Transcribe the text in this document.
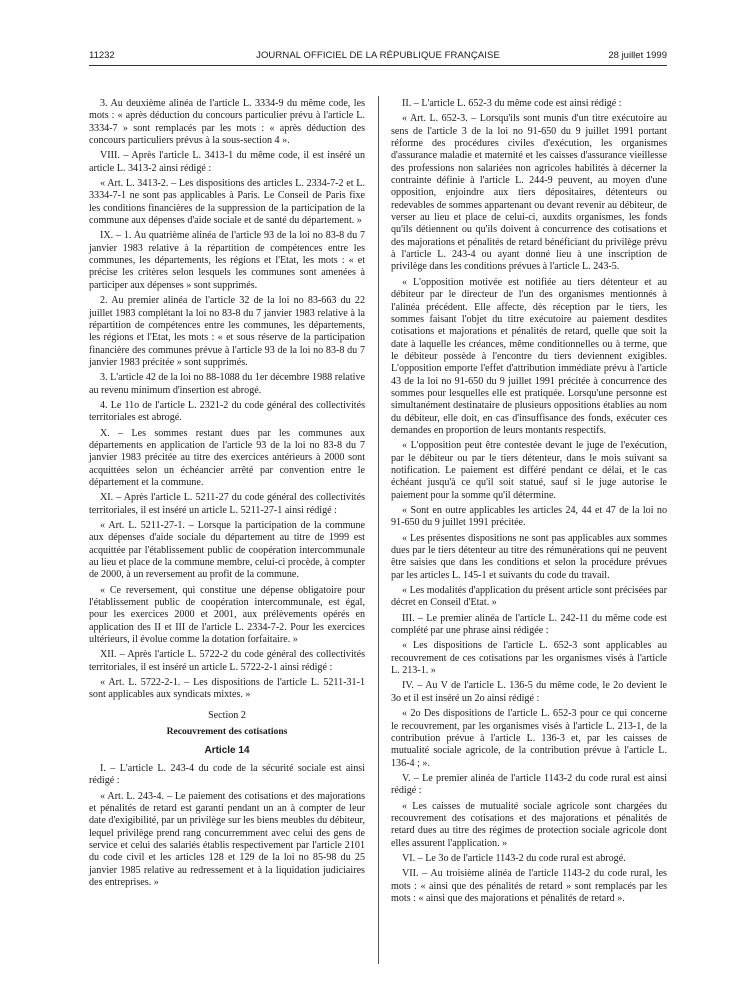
11232	JOURNAL OFFICIEL DE LA RÉPUBLIQUE FRANÇAISE	28 juillet 1999

3. Au deuxième alinéa de l'article L. 3334-9 du même code, les mots : « après déduction du concours particulier prévu à l'article L. 3334-7 » sont remplacés par les mots : « après déduction des concours particuliers prévus à la sous-section 4 ».

VIII. – Après l'article L. 3413-1 du même code, il est inséré un article L. 3413-2 ainsi rédigé :

« Art. L. 3413-2. – Les dispositions des articles L. 2334-7-2 et L. 3334-7-1 ne sont pas applicables à Paris. Le Conseil de Paris fixe les conditions financières de la suppression de la participation de la commune aux dépenses d'aide sociale et de santé du département. »

IX. – 1. Au quatrième alinéa de l'article 93 de la loi no 83-8 du 7 janvier 1983 relative à la répartition de compétences entre les communes, les départements, les régions et l'Etat, les mots : « et précise les critères selon lesquels les communes sont amenées à participer aux dépenses » sont supprimés.

2. Au premier alinéa de l'article 32 de la loi no 83-663 du 22 juillet 1983 complétant la loi no 83-8 du 7 janvier 1983 relative à la répartition de compétences entre les communes, les départements, les régions et l'Etat, les mots : « et sous réserve de la participation financière des communes prévue à l'article 93 de la loi no 83-8 du 7 janvier 1983 précitée » sont supprimés.

3. L'article 42 de la loi no 88-1088 du 1er décembre 1988 relative au revenu minimum d'insertion est abrogé.

4. Le 11o de l'article L. 2321-2 du code général des collectivités territoriales est abrogé.

X. – Les sommes restant dues par les communes aux départements en application de l'article 93 de la loi no 83-8 du 7 janvier 1983 précitée au titre des exercices antérieurs à 2000 sont acquittées selon un échéancier arrêté par convention entre le département et la commune.

XI. – Après l'article L. 5211-27 du code général des collectivités territoriales, il est inséré un article L. 5211-27-1 ainsi rédigé :

« Art. L. 5211-27-1. – Lorsque la participation de la commune aux dépenses d'aide sociale du département au titre de 1999 est acquittée par l'établissement public de coopération intercommunale au lieu et place de la commune membre, celui-ci procède, à compter de 2000, à un reversement au profit de la commune.

« Ce reversement, qui constitue une dépense obligatoire pour l'établissement public de coopération intercommunale, est égal, pour les exercices 2000 et 2001, aux prélèvements opérés en application des II et III de l'article L. 2334-7-2. Pour les exercices ultérieurs, il évolue comme la dotation forfaitaire. »

XII. – Après l'article L. 5722-2 du code général des collectivités territoriales, il est inséré un article L. 5722-2-1 ainsi rédigé :

« Art. L. 5722-2-1. – Les dispositions de l'article L. 5211-31-1 sont applicables aux syndicats mixtes. »

Section 2

Recouvrement des cotisations

Article 14

I. – L'article L. 243-4 du code de la sécurité sociale est ainsi rédigé :

« Art. L. 243-4. – Le paiement des cotisations et des majorations et pénalités de retard est garanti pendant un an à compter de leur date d'exigibilité, par un privilège sur les biens meubles du débiteur, lequel privilège prend rang concurremment avec celui des gens de service et celui des salariés établis respectivement par l'article 2101 du code civil et les articles 128 et 129 de la loi no 85-98 du 25 janvier 1985 relative au redressement et à la liquidation judiciaires des entreprises. »

II. – L'article L. 652-3 du même code est ainsi rédigé :

« Art. L. 652-3. – Lorsqu'ils sont munis d'un titre exécutoire au sens de l'article 3 de la loi no 91-650 du 9 juillet 1991 portant réforme des procédures civiles d'exécution, les organismes d'assurance maladie et maternité et les caisses d'assurance vieillesse des professions non salariées non agricoles habilités à décerner la contrainte définie à l'article L. 244-9 peuvent, au moyen d'une opposition, enjoindre aux tiers dépositaires, détenteurs ou redevables de sommes appartenant ou devant revenir au débiteur, de verser au lieu et place de celui-ci, auxdits organismes, les fonds qu'ils détiennent ou qu'ils doivent à concurrence des cotisations et des majorations et pénalités de retard bénéficiant du privilège prévu à l'article L. 243-4 ou ayant donné lieu à une inscription de privilège dans les conditions prévues à l'article L. 243-5.

« L'opposition motivée est notifiée au tiers détenteur et au débiteur par le directeur de l'un des organismes mentionnés à l'alinéa précédent. Elle affecte, dès réception par le tiers, les sommes faisant l'objet du titre exécutoire au paiement desdites cotisations et majorations et pénalités de retard, quelle que soit la date à laquelle les créances, même conditionnelles ou à terme, que le débiteur possède à l'encontre du tiers deviennent exigibles. L'opposition emporte l'effet d'attribution immédiate prévu à l'article 43 de la loi no 91-650 du 9 juillet 1991 précitée à concurrence des sommes pour lesquelles elle est pratiquée. Lorsqu'une personne est simultanément destinataire de plusieurs oppositions établies au nom du débiteur, elle doit, en cas d'insuffisance des fonds, exécuter ces demandes en proportion de leurs montants respectifs.

« L'opposition peut être contestée devant le juge de l'exécution, par le débiteur ou par le tiers détenteur, dans le mois suivant sa notification. Le paiement est différé pendant ce délai, et le cas échéant jusqu'à ce qu'il soit statué, sauf si le juge autorise le paiement pour la somme qu'il détermine.

« Sont en outre applicables les articles 24, 44 et 47 de la loi no 91-650 du 9 juillet 1991 précitée.

« Les présentes dispositions ne sont pas applicables aux sommes dues par le tiers détenteur au titre des rémunérations qui ne peuvent être saisies que dans les conditions et selon la procédure prévues par les articles L. 145-1 et suivants du code du travail.

« Les modalités d'application du présent article sont précisées par décret en Conseil d'Etat. »

III. – Le premier alinéa de l'article L. 242-11 du même code est complété par une phrase ainsi rédigée :

« Les dispositions de l'article L. 652-3 sont applicables au recouvrement de ces cotisations par les organismes visés à l'article L. 213-1. »

IV. – Au V de l'article L. 136-5 du même code, le 2o devient le 3o et il est inséré un 2o ainsi rédigé :

« 2o Des dispositions de l'article L. 652-3 pour ce qui concerne le recouvrement, par les organismes visés à l'article L. 213-1, de la contribution prévue à l'article L. 136-3 et, par les caisses de mutualité sociale agricole, de la contribution prévue à l'article L. 136-4 ; ».

V. – Le premier alinéa de l'article 1143-2 du code rural est ainsi rédigé :

« Les caisses de mutualité sociale agricole sont chargées du recouvrement des cotisations et des majorations et pénalités de retard dues au titre des régimes de protection sociale agricole dont elles assurent l'application. »

VI. – Le 3o de l'article 1143-2 du code rural est abrogé.

VII. – Au troisième alinéa de l'article 1143-2 du code rural, les mots : « ainsi que des pénalités de retard » sont remplacés par les mots : « ainsi que des majorations et pénalités de retard ».
